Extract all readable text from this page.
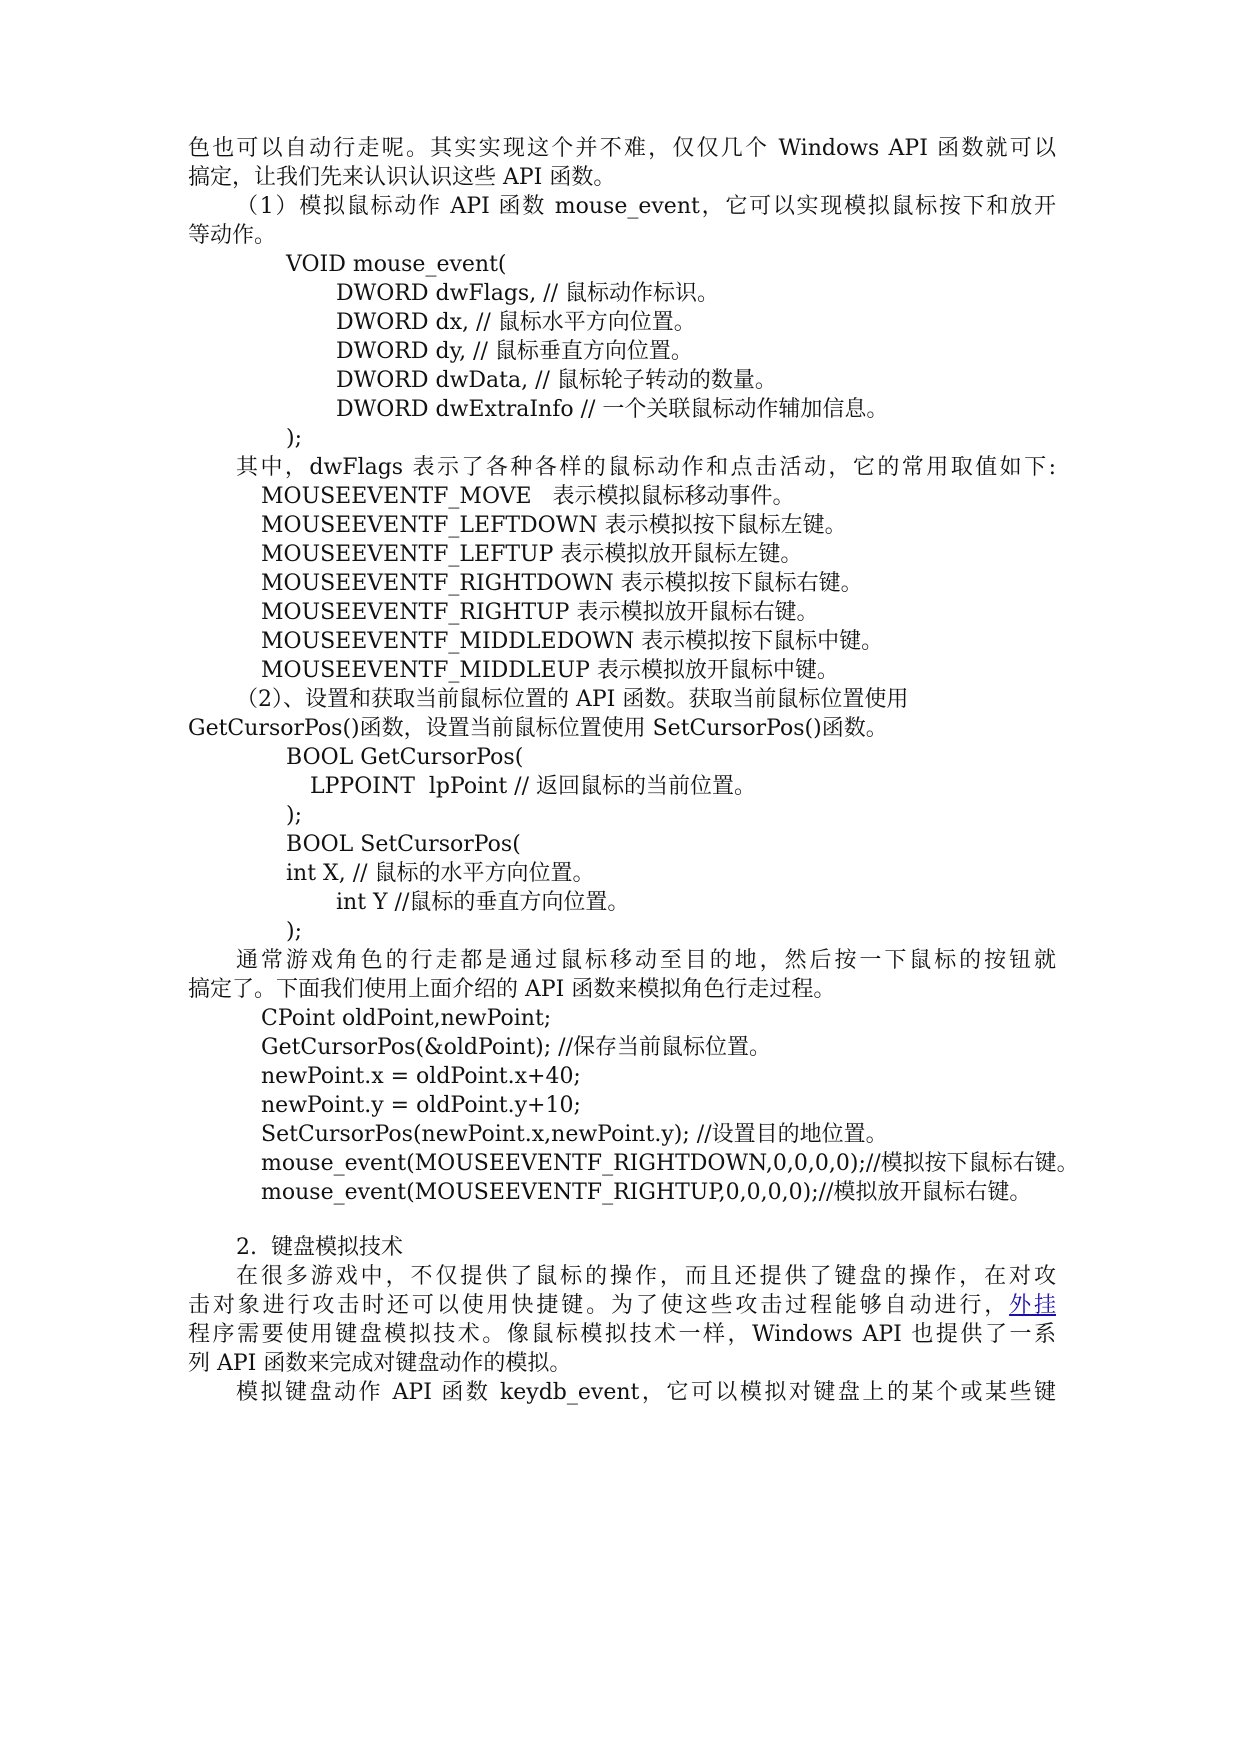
色也可以自动行走呢。其实实现这个并不难，仅仅几个 Windows API 函数就可以
搞定，让我们先来认识认识这些 API 函数。
（1）模拟鼠标动作 API 函数 mouse_event，它可以实现模拟鼠标按下和放开
等动作。
VOID mouse_event(
DWORD dwFlags, // 鼠标动作标识。
DWORD dx, // 鼠标水平方向位置。
DWORD dy, // 鼠标垂直方向位置。
DWORD dwData, // 鼠标轮子转动的数量。
DWORD dwExtraInfo // 一个关联鼠标动作辅加信息。
);
其中，dwFlags 表示了各种各样的鼠标动作和点击活动，它的常用取值如下:
MOUSEEVENTF_MOVE   表示模拟鼠标移动事件。
MOUSEEVENTF_LEFTDOWN 表示模拟按下鼠标左键。
MOUSEEVENTF_LEFTUP 表示模拟放开鼠标左键。
MOUSEEVENTF_RIGHTDOWN 表示模拟按下鼠标右键。
MOUSEEVENTF_RIGHTUP 表示模拟放开鼠标右键。
MOUSEEVENTF_MIDDLEDOWN 表示模拟按下鼠标中键。
MOUSEEVENTF_MIDDLEUP 表示模拟放开鼠标中键。
（2）、设置和获取当前鼠标位置的 API 函数。获取当前鼠标位置使用
GetCursorPos()函数，设置当前鼠标位置使用 SetCursorPos()函数。
BOOL GetCursorPos(
LPPOINT  lpPoint // 返回鼠标的当前位置。
);
BOOL SetCursorPos(
int X, // 鼠标的水平方向位置。
int Y //鼠标的垂直方向位置。
);
通常游戏角色的行走都是通过鼠标移动至目的地，然后按一下鼠标的按钮就
搞定了。下面我们使用上面介绍的 API 函数来模拟角色行走过程。
CPoint oldPoint,newPoint;
GetCursorPos(&oldPoint); //保存当前鼠标位置。
newPoint.x = oldPoint.x+40;
newPoint.y = oldPoint.y+10;
SetCursorPos(newPoint.x,newPoint.y); //设置目的地位置。
mouse_event(MOUSEEVENTF_RIGHTDOWN,0,0,0,0);//模拟按下鼠标右键。
mouse_event(MOUSEEVENTF_RIGHTUP,0,0,0,0);//模拟放开鼠标右键。
2.  键盘模拟技术
在很多游戏中，不仅提供了鼠标的操作，而且还提供了键盘的操作，在对攻
击对象进行攻击时还可以使用快捷键。为了使这些攻击过程能够自动进行，外挂
程序需要使用键盘模拟技术。像鼠标模拟技术一样，Windows API 也提供了一系
列 API 函数来完成对键盘动作的模拟。
模拟键盘动作 API 函数 keydb_event，它可以模拟对键盘上的某个或某些键
